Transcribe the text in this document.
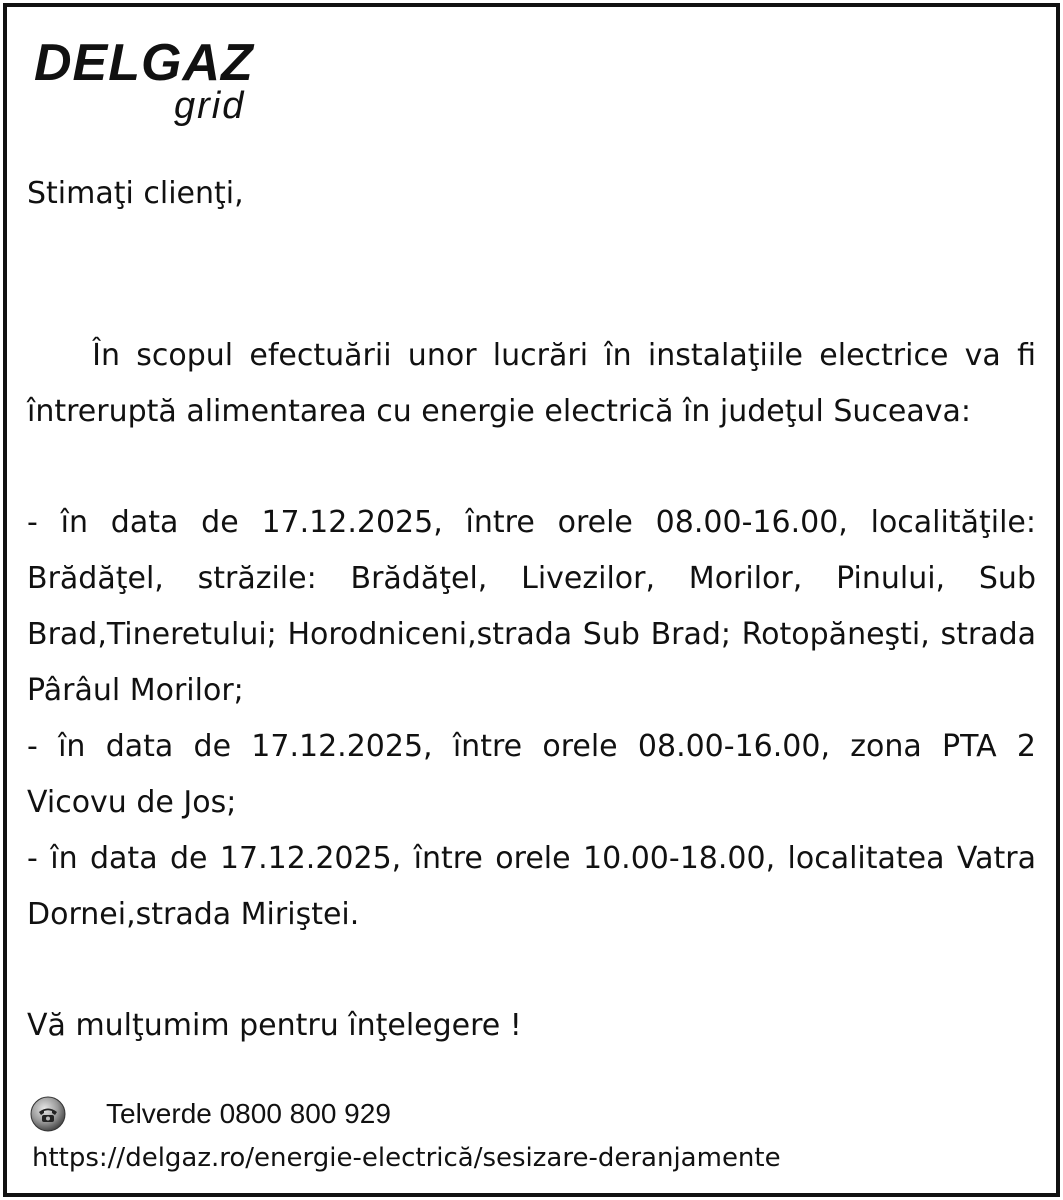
DELGAZ
grid
Stimaţi clienţi,

În scopul efectuării unor lucrări în instalaţiile electrice va fi întreruptă alimentarea cu energie electrică în judeţul Suceava:

- în data de 17.12.2025, între orele 08.00-16.00, localităţile: Brădăţel, străzile: Brădăţel, Livezilor, Morilor, Pinului, Sub Brad,Tineretului; Horodniceni,strada Sub Brad; Rotopăneşti, strada Pârâul Morilor;

- în data de 17.12.2025, între orele 08.00-16.00, zona PTA 2 Vicovu de Jos;

- în data de 17.12.2025, între orele 10.00-18.00, localitatea Vatra Dornei,strada Miriştei.

Vă mulţumim pentru înţelegere !
Telverde 0800 800 929
https://delgaz.ro/energie-electrică/sesizare-deranjamente
